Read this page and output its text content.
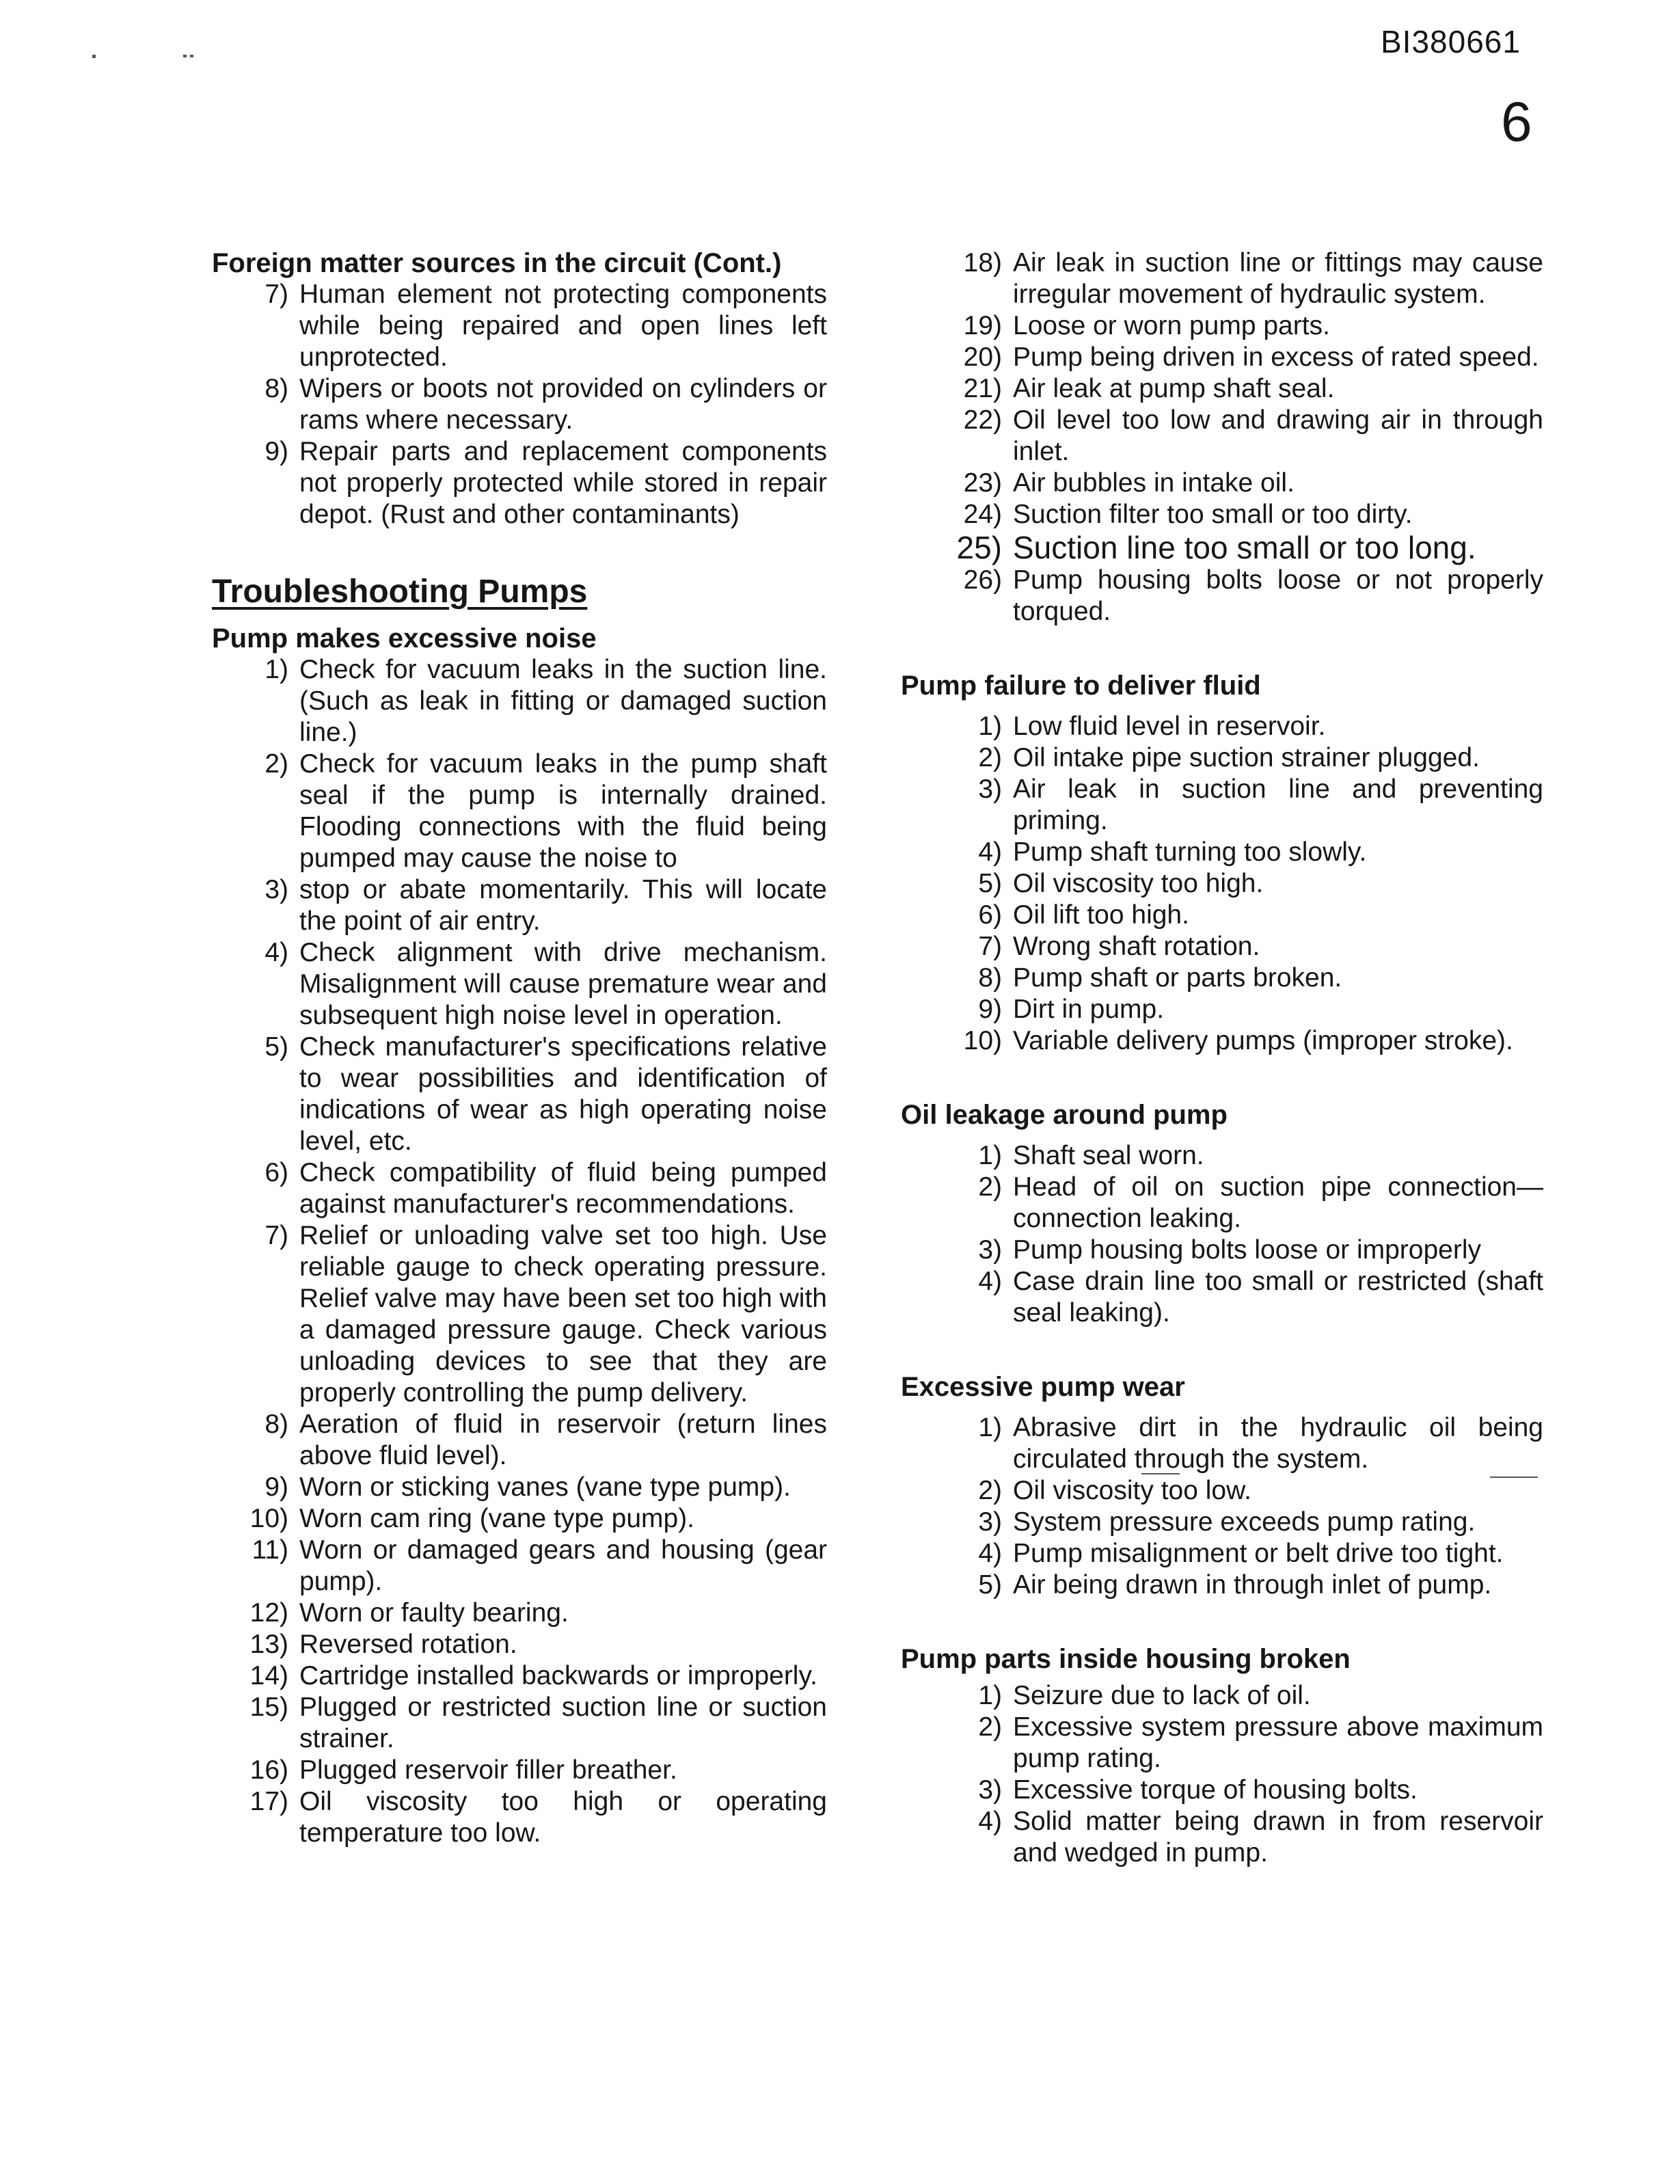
BI380661
6
Foreign matter sources in the circuit (Cont.)
7) Human element not protecting components while being repaired and open lines left unprotected.
8) Wipers or boots not provided on cylinders or rams where necessary.
9) Repair parts and replacement components not properly protected while stored in repair depot. (Rust and other contaminants)
Troubleshooting Pumps
Pump makes excessive noise
1) Check for vacuum leaks in the suction line. (Such as leak in fitting or damaged suction line.)
2) Check for vacuum leaks in the pump shaft seal if the pump is internally drained. Flooding connections with the fluid being pumped may cause the noise to
3) stop or abate momentarily. This will locate the point of air entry.
4) Check alignment with drive mechanism. Misalignment will cause premature wear and subsequent high noise level in operation.
5) Check manufacturer's specifications relative to wear possibilities and identification of indications of wear as high operating noise level, etc.
6) Check compatibility of fluid being pumped against manufacturer's recommendations.
7) Relief or unloading valve set too high. Use reliable gauge to check operating pressure. Relief valve may have been set too high with a damaged pressure gauge. Check various unloading devices to see that they are properly controlling the pump delivery.
8) Aeration of fluid in reservoir (return lines above fluid level).
9) Worn or sticking vanes (vane type pump).
10) Worn cam ring (vane type pump).
11) Worn or damaged gears and housing (gear pump).
12) Worn or faulty bearing.
13) Reversed rotation.
14) Cartridge installed backwards or improperly.
15) Plugged or restricted suction line or suction strainer.
16) Plugged reservoir filler breather.
17) Oil viscosity too high or operating temperature too low.
18) Air leak in suction line or fittings may cause irregular movement of hydraulic system.
19) Loose or worn pump parts.
20) Pump being driven in excess of rated speed.
21) Air leak at pump shaft seal.
22) Oil level too low and drawing air in through inlet.
23) Air bubbles in intake oil.
24) Suction filter too small or too dirty.
25) Suction line too small or too long.
26) Pump housing bolts loose or not properly torqued.
Pump failure to deliver fluid
1) Low fluid level in reservoir.
2) Oil intake pipe suction strainer plugged.
3) Air leak in suction line and preventing priming.
4) Pump shaft turning too slowly.
5) Oil viscosity too high.
6) Oil lift too high.
7) Wrong shaft rotation.
8) Pump shaft or parts broken.
9) Dirt in pump.
10) Variable delivery pumps (improper stroke).
Oil leakage around pump
1) Shaft seal worn.
2) Head of oil on suction pipe connection—connection leaking.
3) Pump housing bolts loose or improperly
4) Case drain line too small or restricted (shaft seal leaking).
Excessive pump wear
1) Abrasive dirt in the hydraulic oil being circulated through the system.
2) Oil viscosity too low.
3) System pressure exceeds pump rating.
4) Pump misalignment or belt drive too tight.
5) Air being drawn in through inlet of pump.
Pump parts inside housing broken
1) Seizure due to lack of oil.
2) Excessive system pressure above maximum pump rating.
3) Excessive torque of housing bolts.
4) Solid matter being drawn in from reservoir and wedged in pump.
